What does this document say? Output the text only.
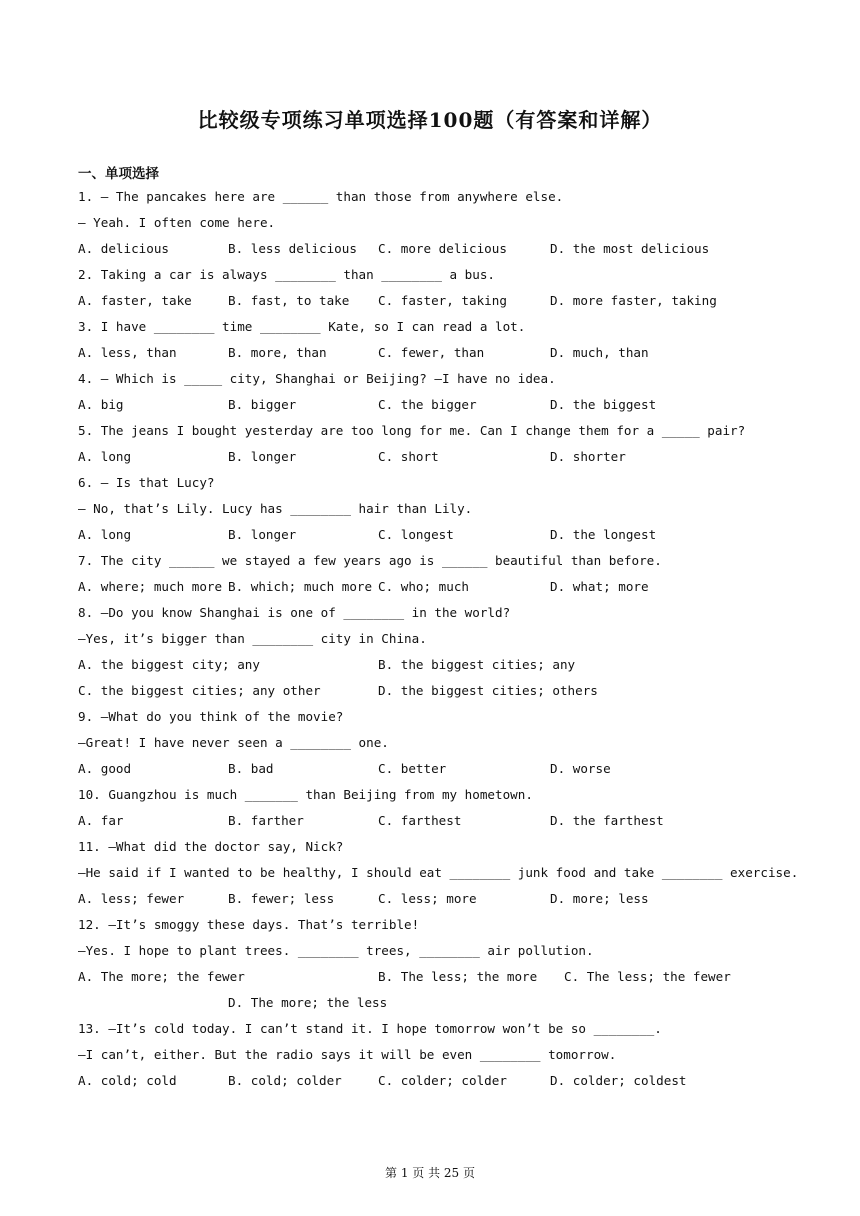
比较级专项练习单项选择100题（有答案和详解）
一、单项选择
1. — The pancakes here are ______ than those from anywhere else.
— Yeah. I often come here.
A. delicious	B. less delicious C. more delicious	D. the most delicious
2. Taking a car is always ________ than ________ a bus.
A. faster, take	B. fast, to take C. faster, taking	D. more faster, taking
3. I have ________ time ________ Kate, so I can read a lot.
A. less, than	B. more, than	C. fewer, than	D. much, than
4. — Which is _____ city, Shanghai or Beijing? —I have no idea.
A. big	B. bigger	C. the bigger	D. the biggest
5. The jeans I bought yesterday are too long for me. Can I change them for a _____ pair?
A. long	B. longer	C. short	D. shorter
6. — Is that Lucy?
— No, that’s Lily. Lucy has ________ hair than Lily.
A. long	B. longer	C. longest	D. the longest
7. The city ______ we stayed a few years ago is ______ beautiful than before.
A. where; much more B. which; much more C. who; much	D. what; more
8. —Do you know Shanghai is one of ________ in the world?
—Yes, it’s bigger than ________ city in China.
A. the biggest city; any	B. the biggest cities; any
C. the biggest cities; any other	D. the biggest cities; others
9. —What do you think of the movie?
—Great! I have never seen a ________ one.
A. good	B. bad	C. better	D. worse
10. Guangzhou is much _______ than Beijing from my hometown.
A. far	B. farther	C. farthest	D. the farthest
11. —What did the doctor say, Nick?
—He said if I wanted to be healthy, I should eat ________ junk food and take ________ exercise.
A. less; fewer	B. fewer; less	C. less; more	D. more; less
12. —It’s smoggy these days. That’s terrible!
—Yes. I hope to plant trees. ________ trees, ________ air pollution.
A. The more; the fewer	B. The less; the more C. The less; the fewer
D. The more; the less
13. —It’s cold today. I can’t stand it. I hope tomorrow won’t be so ________.
—I can’t, either. But the radio says it will be even ________ tomorrow.
A. cold; cold	B. cold; colder	C. colder; colder	D. colder; coldest
第 1 页 共 25 页
